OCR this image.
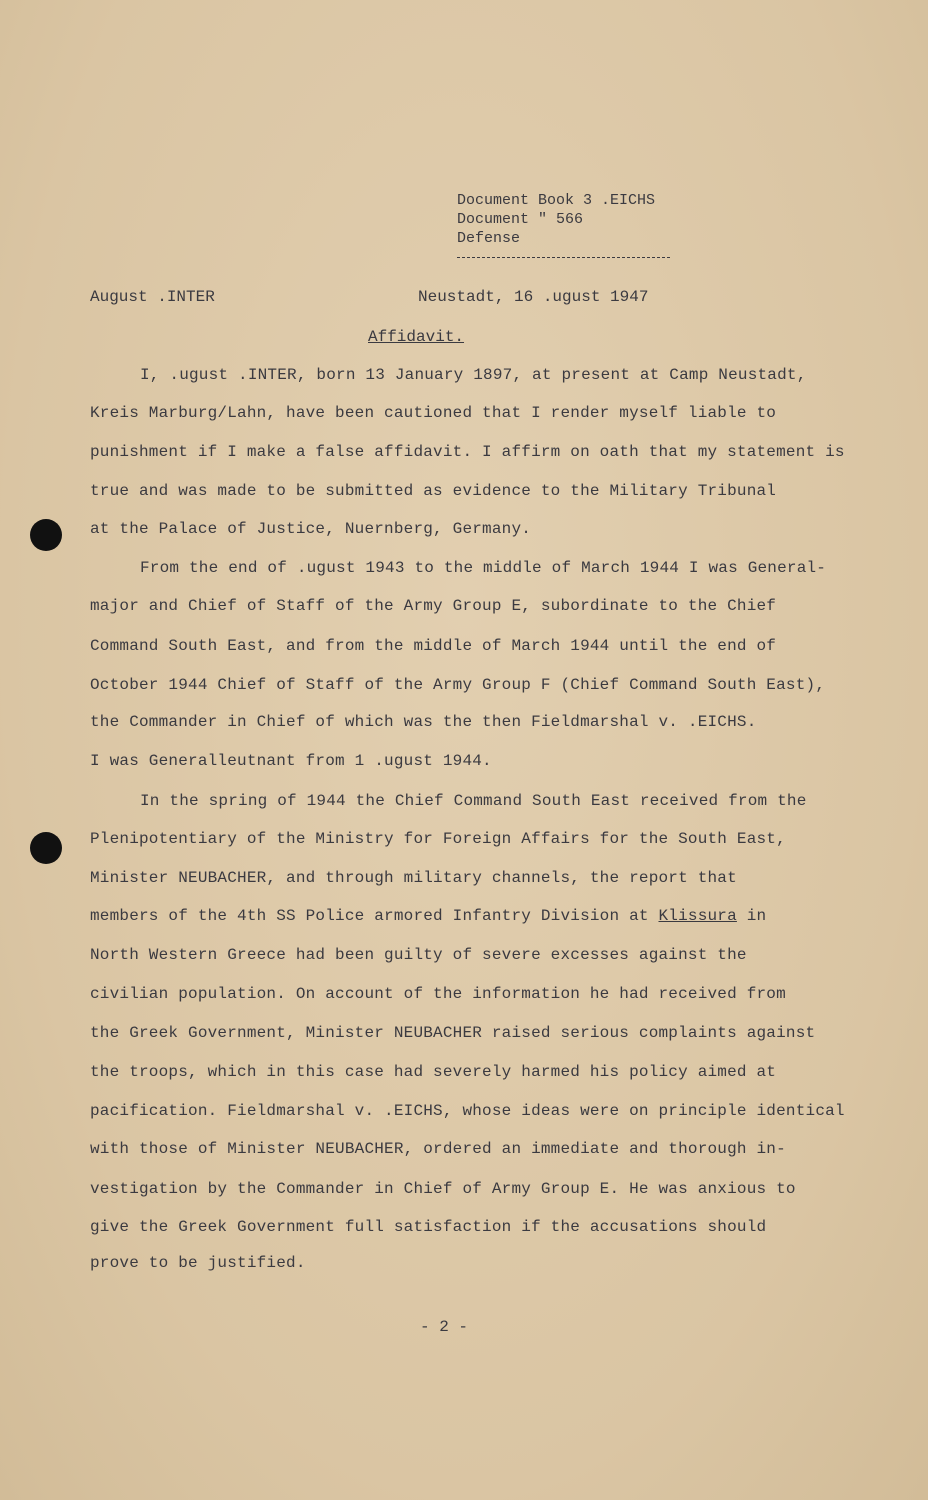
Document Book 3 .EICHS
Document " 566
Defense
August .INTER	Neustadt, 16 .ugust 1947
Affidavit.
I, .ugust .INTER, born 13 January 1897, at present at Camp Neustadt,
Kreis Marburg/Lahn, have been cautioned that I render myself liable to
punishment if I make a false affidavit. I affirm on oath that my statement is
true and was made to be submitted as evidence to the Military Tribunal
at the Palace of Justice, Nuernberg, Germany.
From the end of .ugust 1943 to the middle of March 1944 I was General-
major and Chief of Staff of the Army Group E, subordinate to the Chief
Command South East, and from the middle of March 1944 until the end of
October 1944 Chief of Staff of the Army Group F (Chief Command South East),
the Commander in Chief of which was the then Fieldmarshal v. .EICHS.
I was Generalleutnant from 1 .ugust 1944.
In the spring of 1944 the Chief Command South East received from the
Plenipotentiary of the Ministry for Foreign Affairs for the South East,
Minister NEUBACHER, and through military channels, the report that
members of the 4th SS Police armored Infantry Division at Klissura in
North Western Greece had been guilty of severe excesses against the
civilian population. On account of the information he had received from
the Greek Government, Minister NEUBACHER raised serious complaints against
the troops, which in this case had severely harmed his policy aimed at
pacification. Fieldmarshal v. .EICHS, whose ideas were on principle identical
with those of Minister NEUBACHER, ordered an immediate and thorough in-
vestigation by the Commander in Chief of Army Group E. He was anxious to
give the Greek Government full satisfaction if the accusations should
prove to be justified.
- 2 -
